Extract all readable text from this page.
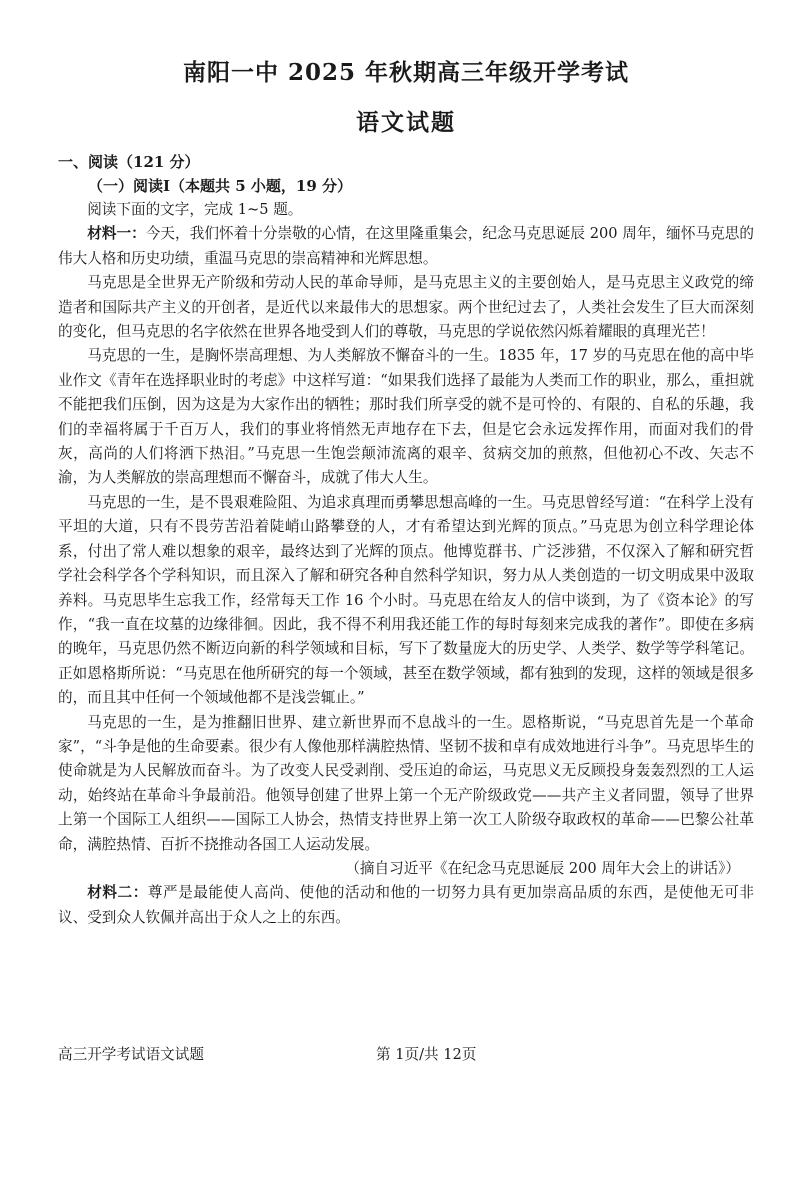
南阳一中 2025 年秋期高三年级开学考试
语文试题
一、阅读（121 分）
（一）阅读Ⅰ（本题共 5 小题，19 分）

阅读下面的文字，完成 1~5 题。

材料一：今天，我们怀着十分崇敬的心情，在这里隆重集会，纪念马克思诞辰 200 周年，缅怀马克思的伟大人格和历史功绩，重温马克思的崇高精神和光辉思想。

马克思是全世界无产阶级和劳动人民的革命导师，是马克思主义的主要创始人，是马克思主义政党的缔造者和国际共产主义的开创者，是近代以来最伟大的思想家。两个世纪过去了，人类社会发生了巨大而深刻的变化，但马克思的名字依然在世界各地受到人们的尊敬，马克思的学说依然闪烁着耀眼的真理光芒！

马克思的一生，是胸怀崇高理想、为人类解放不懈奋斗的一生。1835 年，17 岁的马克思在他的高中毕业作文《青年在选择职业时的考虑》中这样写道：“如果我们选择了最能为人类而工作的职业，那么，重担就不能把我们压倒，因为这是为大家作出的牺牲；那时我们所享受的就不是可怜的、有限的、自私的乐趣，我们的幸福将属于千百万人，我们的事业将悄然无声地存在下去，但是它会永远发挥作用，而面对我们的骨灰，高尚的人们将洒下热泪。”马克思一生饱尝颠沛流离的艰辛、贫病交加的煎熬，但他初心不改、矢志不渝，为人类解放的崇高理想而不懈奋斗，成就了伟大人生。

马克思的一生，是不畏艰难险阻、为追求真理而勇攀思想高峰的一生。马克思曾经写道：“在科学上没有平坦的大道，只有不畏劳苦沿着陡峭山路攀登的人，才有希望达到光辉的顶点。”马克思为创立科学理论体系，付出了常人难以想象的艰辛，最终达到了光辉的顶点。他博览群书、广泛涉猎，不仅深入了解和研究哲学社会科学各个学科知识，而且深入了解和研究各种自然科学知识，努力从人类创造的一切文明成果中汲取养料。马克思毕生忘我工作，经常每天工作 16 个小时。马克思在给友人的信中谈到，为了《资本论》的写作，“我一直在坟墓的边缘徘徊。因此，我不得不利用我还能工作的每时每刻来完成我的著作”。即使在多病的晚年，马克思仍然不断迈向新的科学领域和目标，写下了数量庞大的历史学、人类学、数学等学科笔记。正如恩格斯所说：“马克思在他所研究的每一个领域，甚至在数学领域，都有独到的发现，这样的领域是很多的，而且其中任何一个领域他都不是浅尝辄止。”

马克思的一生，是为推翻旧世界、建立新世界而不息战斗的一生。恩格斯说，“马克思首先是一个革命家”，“斗争是他的生命要素。很少有人像他那样满腔热情、坚韧不拔和卓有成效地进行斗争”。马克思毕生的使命就是为人民解放而奋斗。为了改变人民受剥削、受压迫的命运，马克思义无反顾投身轰轰烈烈的工人运动，始终站在革命斗争最前沿。他领导创建了世界上第一个无产阶级政党——共产主义者同盟，领导了世界上第一个国际工人组织——国际工人协会，热情支持世界上第一次工人阶级夺取政权的革命——巴黎公社革命，满腔热情、百折不挠推动各国工人运动发展。

（摘自习近平《在纪念马克思诞辰 200 周年大会上的讲话》）

材料二：尊严是最能使人高尚、使他的活动和他的一切努力具有更加崇高品质的东西，是使他无可非议、受到众人钦佩并高出于众人之上的东西。

高三开学考试语文试题	第 1页/共 12页
